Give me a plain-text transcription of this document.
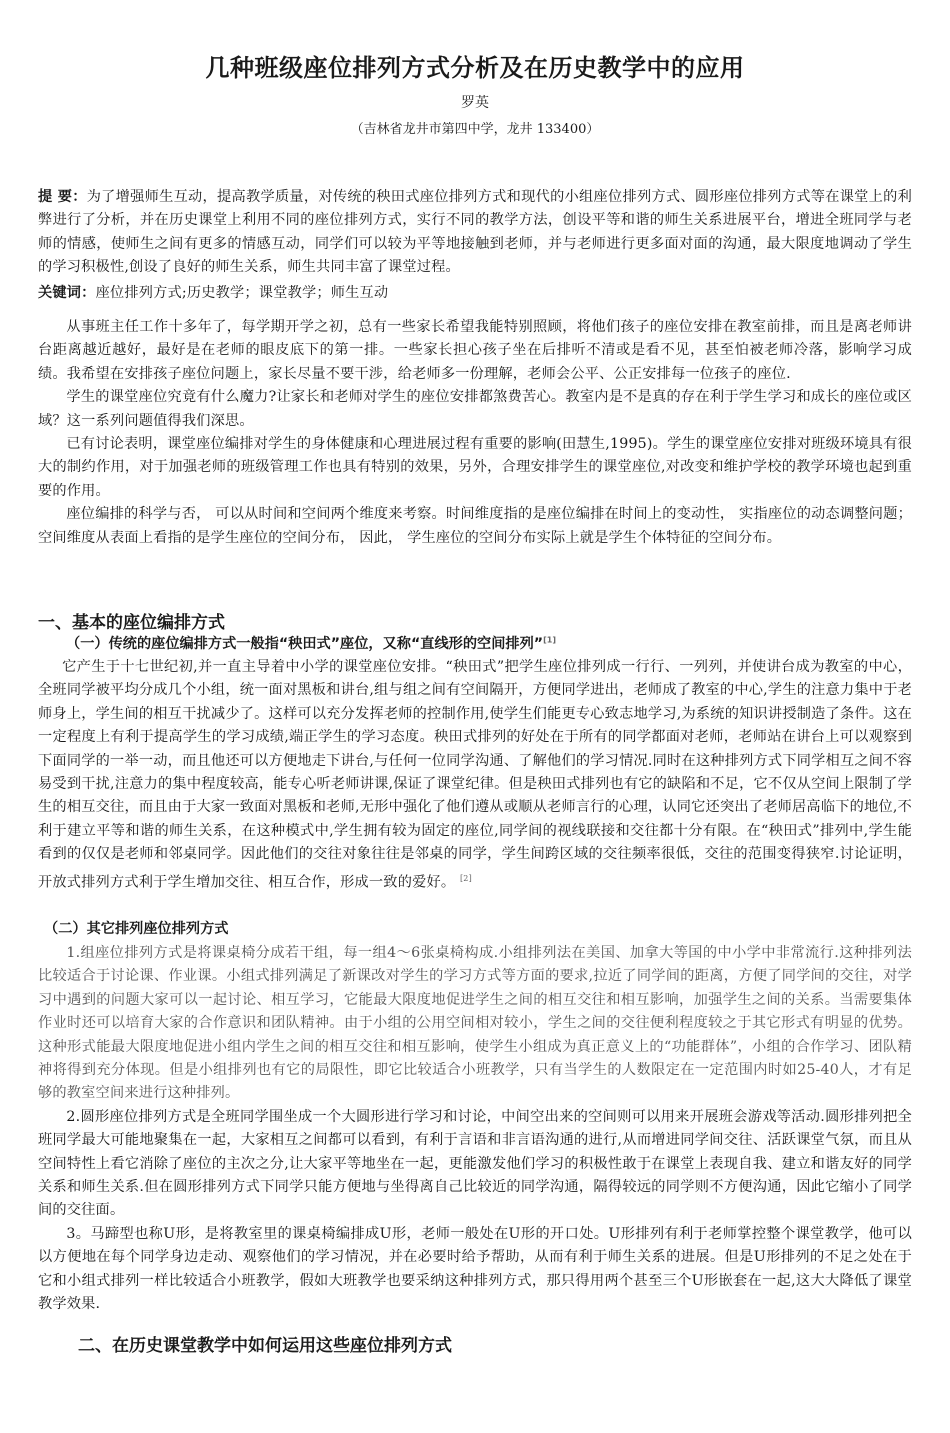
几种班级座位排列方式分析及在历史教学中的应用
罗英
（吉林省龙井市第四中学，龙井 133400）
提 要：为了增强师生互动，提高教学质量，对传统的秧田式座位排列方式和现代的小组座位排列方式、圆形座位排列方式等在课堂上的利弊进行了分析，并在历史课堂上利用不同的座位排列方式，实行不同的教学方法，创设平等和谐的师生关系进展平台，增进全班同学与老师的情感，使师生之间有更多的情感互动，同学们可以较为平等地接触到老师，并与老师进行更多面对面的沟通，最大限度地调动了学生的学习积极性,创设了良好的师生关系，师生共同丰富了课堂过程。
关键词：座位排列方式;历史教学；课堂教学；师生互动

从事班主任工作十多年了，每学期开学之初，总有一些家长希望我能特别照顾，将他们孩子的座位安排在教室前排，而且是离老师讲台距离越近越好，最好是在老师的眼皮底下的第一排。一些家长担心孩子坐在后排听不清或是看不见，甚至怕被老师冷落，影响学习成绩。我希望在安排孩子座位问题上，家长尽量不要干涉，给老师多一份理解，老师会公平、公正安排每一位孩子的座位.

学生的课堂座位究竟有什么魔力?让家长和老师对学生的座位安排都煞费苦心。教室内是不是真的存在利于学生学习和成长的座位或区域？这一系列问题值得我们深思。

已有讨论表明，课堂座位编排对学生的身体健康和心理进展过程有重要的影响(田慧生,1995)。学生的课堂座位安排对班级环境具有很大的制约作用，对于加强老师的班级管理工作也具有特别的效果，另外，合理安排学生的课堂座位,对改变和维护学校的教学环境也起到重要的作用。

座位编排的科学与否， 可以从时间和空间两个维度来考察。时间维度指的是座位编排在时间上的变动性， 实指座位的动态调整问题；空间维度从表面上看指的是学生座位的空间分布， 因此， 学生座位的空间分布实际上就是学生个体特征的空间分布。

一、基本的座位编排方式
（一）传统的座位编排方式一般指“秧田式”座位，又称“直线形的空间排列”[1]

它产生于十七世纪初,并一直主导着中小学的课堂座位安排。“秧田式”把学生座位排列成一行行、一列列，并使讲台成为教室的中心，全班同学被平均分成几个小组，统一面对黑板和讲台,组与组之间有空间隔开，方便同学进出，老师成了教室的中心,学生的注意力集中于老师身上，学生间的相互干扰减少了。这样可以充分发挥老师的控制作用,使学生们能更专心致志地学习,为系统的知识讲授制造了条件。这在一定程度上有利于提高学生的学习成绩,端正学生的学习态度。秧田式排列的好处在于所有的同学都面对老师，老师站在讲台上可以观察到下面同学的一举一动，而且他还可以方便地走下讲台,与任何一位同学沟通、了解他们的学习情况.同时在这种排列方式下同学相互之间不容易受到干扰,注意力的集中程度较高，能专心听老师讲课,保证了课堂纪律。但是秧田式排列也有它的缺陷和不足，它不仅从空间上限制了学生的相互交往，而且由于大家一致面对黑板和老师,无形中强化了他们遵从或顺从老师言行的心理，认同它还突出了老师居高临下的地位,不利于建立平等和谐的师生关系，在这种模式中,学生拥有较为固定的座位,同学间的视线联接和交往都十分有限。在“秧田式”排列中,学生能看到的仅仅是老师和邻桌同学。因此他们的交往对象往往是邻桌的同学，学生间跨区域的交往频率很低，交往的范围变得狭窄.讨论证明，开放式排列方式利于学生增加交往、相互合作，形成一致的爱好。 [2]

（二）其它排列座位排列方式

1.组座位排列方式是将课桌椅分成若干组，每一组4～6张桌椅构成.小组排列法在美国、加拿大等国的中小学中非常流行.这种排列法比较适合于讨论课、作业课。小组式排列满足了新课改对学生的学习方式等方面的要求,拉近了同学间的距离，方便了同学间的交往，对学习中遇到的问题大家可以一起讨论、相互学习，它能最大限度地促进学生之间的相互交往和相互影响，加强学生之间的关系。当需要集体作业时还可以培育大家的合作意识和团队精神。由于小组的公用空间相对较小，学生之间的交往便利程度较之于其它形式有明显的优势。这种形式能最大限度地促进小组内学生之间的相互交往和相互影响，使学生小组成为真正意义上的“功能群体”，小组的合作学习、团队精神将得到充分体现。但是小组排列也有它的局限性，即它比较适合小班教学，只有当学生的人数限定在一定范围内时如25-40人，才有足够的教室空间来进行这种排列。

2.圆形座位排列方式是全班同学围坐成一个大圆形进行学习和讨论，中间空出来的空间则可以用来开展班会游戏等活动.圆形排列把全班同学最大可能地聚集在一起，大家相互之间都可以看到，有利于言语和非言语沟通的进行,从而增进同学间交往、活跃课堂气氛，而且从空间特性上看它消除了座位的主次之分,让大家平等地坐在一起，更能激发他们学习的积极性敢于在课堂上表现自我、建立和谐友好的同学关系和师生关系.但在圆形排列方式下同学只能方便地与坐得离自己比较近的同学沟通，隔得较远的同学则不方便沟通，因此它缩小了同学间的交往面。

3。马蹄型也称U形，是将教室里的课桌椅编排成U形，老师一般处在U形的开口处。U形排列有利于老师掌控整个课堂教学，他可以以方便地在每个同学身边走动、观察他们的学习情况，并在必要时给予帮助，从而有利于师生关系的进展。但是U形排列的不足之处在于它和小组式排列一样比较适合小班教学，假如大班教学也要采纳这种排列方式，那只得用两个甚至三个U形嵌套在一起,这大大降低了课堂教学效果.

二、在历史课堂教学中如何运用这些座位排列方式
